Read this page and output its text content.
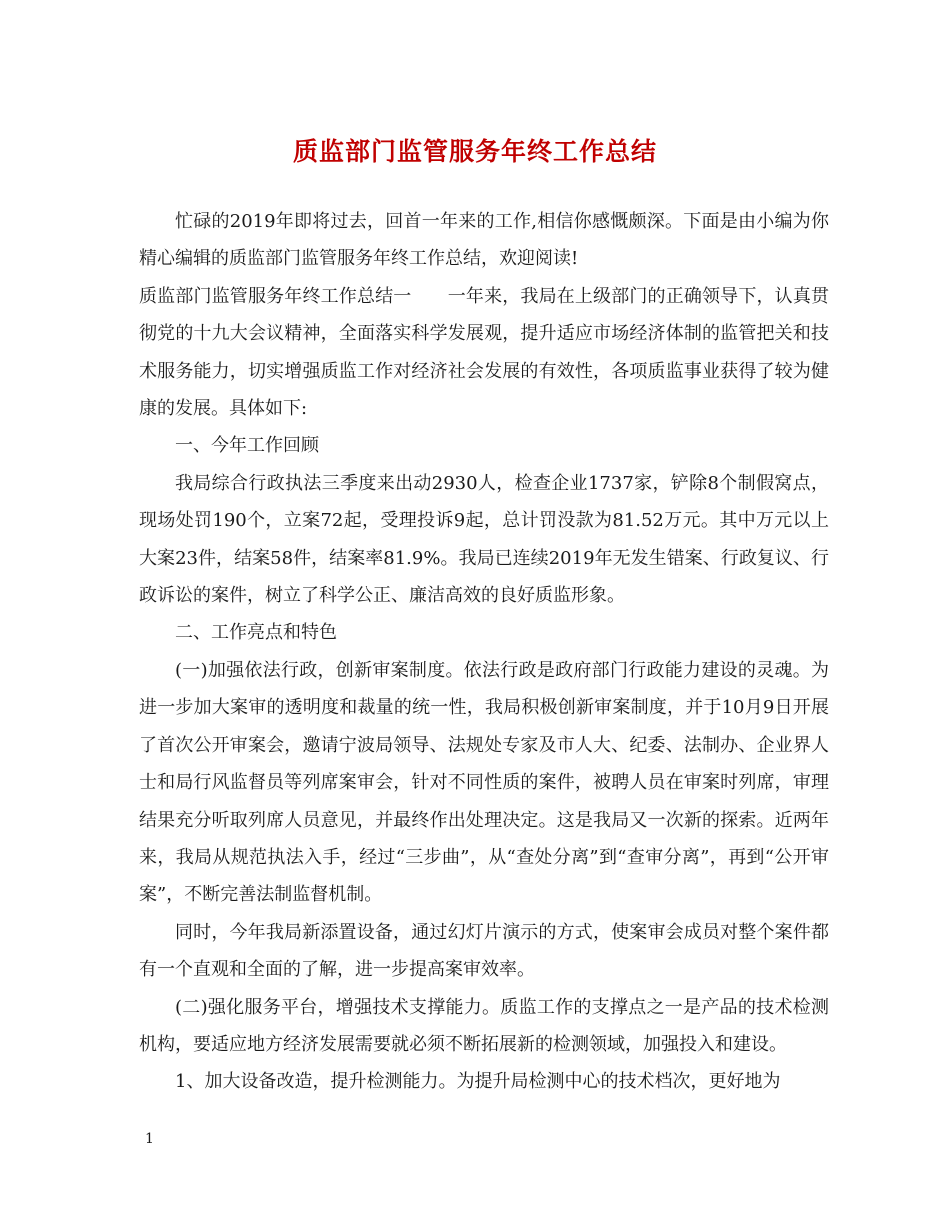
质监部门监管服务年终工作总结

忙碌的2019年即将过去，回首一年来的工作,相信你感慨颇深。下面是由小编为你精心编辑的质监部门监管服务年终工作总结，欢迎阅读!

质监部门监管服务年终工作总结一　　一年来，我局在上级部门的正确领导下，认真贯彻党的十九大会议精神，全面落实科学发展观，提升适应市场经济体制的监管把关和技术服务能力，切实增强质监工作对经济社会发展的有效性，各项质监事业获得了较为健康的发展。具体如下:

一、今年工作回顾

我局综合行政执法三季度来出动2930人，检查企业1737家，铲除8个制假窝点，现场处罚190个，立案72起，受理投诉9起，总计罚没款为81.52万元。其中万元以上大案23件，结案58件，结案率81.9%。我局已连续2019年无发生错案、行政复议、行政诉讼的案件，树立了科学公正、廉洁高效的良好质监形象。

二、工作亮点和特色

(一)加强依法行政，创新审案制度。依法行政是政府部门行政能力建设的灵魂。为进一步加大案审的透明度和裁量的统一性，我局积极创新审案制度，并于10月9日开展了首次公开审案会，邀请宁波局领导、法规处专家及市人大、纪委、法制办、企业界人士和局行风监督员等列席案审会，针对不同性质的案件，被聘人员在审案时列席，审理结果充分听取列席人员意见，并最终作出处理决定。这是我局又一次新的探索。近两年来，我局从规范执法入手，经过“三步曲”，从“查处分离”到“查审分离”，再到“公开审案”，不断完善法制监督机制。

同时，今年我局新添置设备，通过幻灯片演示的方式，使案审会成员对整个案件都有一个直观和全面的了解，进一步提高案审效率。

(二)强化服务平台，增强技术支撑能力。质监工作的支撑点之一是产品的技术检测机构，要适应地方经济发展需要就必须不断拓展新的检测领域，加强投入和建设。

1、加大设备改造，提升检测能力。为提升局检测中心的技术档次，更好地为

1
